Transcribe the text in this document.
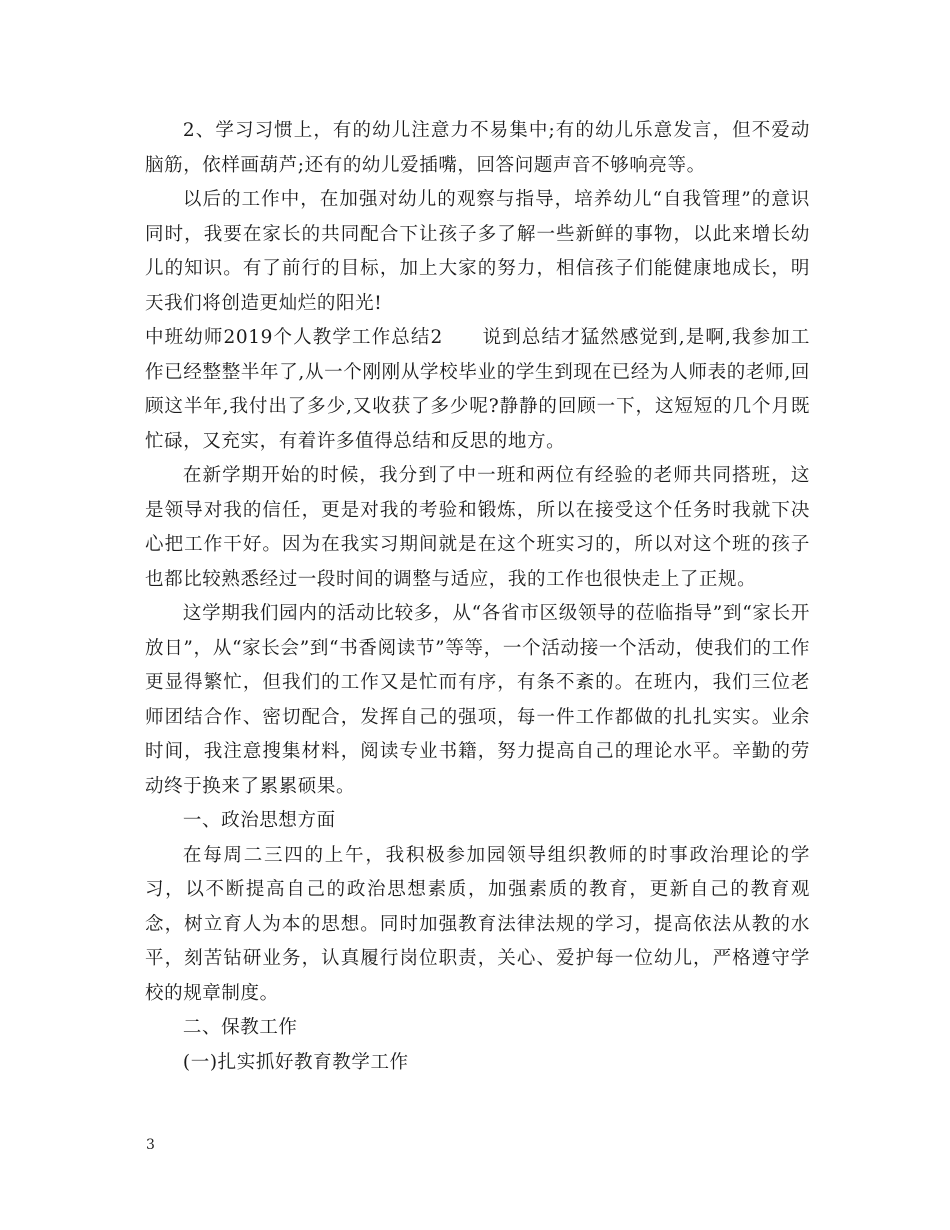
2、学习习惯上，有的幼儿注意力不易集中;有的幼儿乐意发言，但不爱动脑筋，依样画葫芦;还有的幼儿爱插嘴，回答问题声音不够响亮等。

以后的工作中，在加强对幼儿的观察与指导，培养幼儿“自我管理”的意识同时，我要在家长的共同配合下让孩子多了解一些新鲜的事物，以此来增长幼儿的知识。有了前行的目标，加上大家的努力，相信孩子们能健康地成长，明天我们将创造更灿烂的阳光!

中班幼师2019个人教学工作总结2　　说到总结才猛然感觉到,是啊,我参加工作已经整整半年了,从一个刚刚从学校毕业的学生到现在已经为人师表的老师,回顾这半年,我付出了多少,又收获了多少呢?静静的回顾一下，这短短的几个月既忙碌，又充实，有着许多值得总结和反思的地方。

在新学期开始的时候，我分到了中一班和两位有经验的老师共同搭班，这是领导对我的信任，更是对我的考验和锻炼，所以在接受这个任务时我就下决心把工作干好。因为在我实习期间就是在这个班实习的，所以对这个班的孩子也都比较熟悉经过一段时间的调整与适应，我的工作也很快走上了正规。

这学期我们园内的活动比较多，从“各省市区级领导的莅临指导”到“家长开放日”，从“家长会”到“书香阅读节”等等，一个活动接一个活动，使我们的工作更显得繁忙，但我们的工作又是忙而有序，有条不紊的。在班内，我们三位老师团结合作、密切配合，发挥自己的强项，每一件工作都做的扎扎实实。业余时间，我注意搜集材料，阅读专业书籍，努力提高自己的理论水平。辛勤的劳动终于换来了累累硕果。

一、政治思想方面

在每周二三四的上午，我积极参加园领导组织教师的时事政治理论的学习，以不断提高自己的政治思想素质，加强素质的教育，更新自己的教育观念，树立育人为本的思想。同时加强教育法律法规的学习，提高依法从教的水平，刻苦钻研业务，认真履行岗位职责，关心、爱护每一位幼儿，严格遵守学校的规章制度。

二、保教工作

(一)扎实抓好教育教学工作

3
